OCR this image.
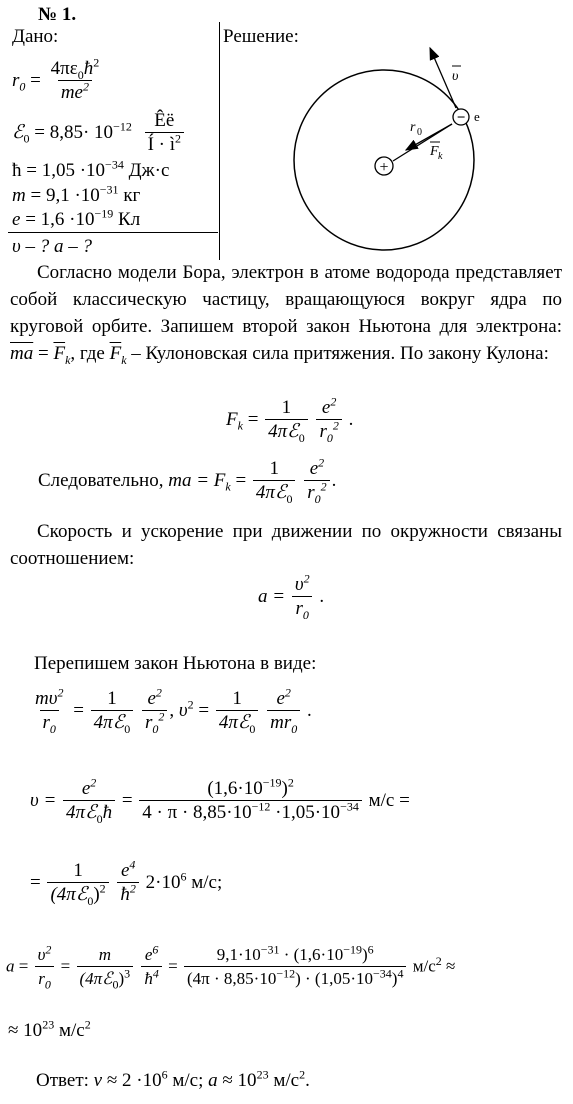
№ 1.
Дано:
$r_0 = \frac{4\pi\varepsilon_0ħ^2}{me^2}$
ℰ$_0$ = $8,85\cdot 10^{-12} \frac{Êë}{Í \cdot ì^2}$
ħ = $1,05 \cdot 10^{-34}$ Дж·с
$m = 9,1 \cdot 10^{-31}$ кг
$e = 1,6 \cdot 10^{-19}$ Кл
υ – ? a – ?
Решение:
+
− e
υ
r 0
F k
Согласно модели Бора, электрон в атоме водорода представляет собой классическую частицу, вращающуюся вокруг ядра по круговой орбите. Запишем второй закон Ньютона для электрона: $\overline{ma} = \overline{F}_k$, где $\overline{F}_k$ – Кулоновская сила притяжения. По закону Кулона:
$F_k = \frac{1}{4\pi ℰ_0}$
$\frac{e^2}{r_0^2}$ .
Следовательно, ma = $F_k = \frac{1}{4\pi ℰ_0}$
$\frac{e^2}{r_0^2}$ .
Скорость и ускорение при движении по окружности связаны соотношением:
$a = \frac{\upsilon^2}{r_0}$ .
Перепишем закон Ньютона в виде:
$\frac{m\upsilon^2}{r_0} = \frac{1}{4\pi ℰ_0}$
$\frac{e^2}{r_0^2}$ , $\upsilon^2 = \frac{1}{4\pi ℰ_0}$
$\frac{e^2}{mr_0}$ .
$\upsilon = \frac{e^2}{4\pi ℰ_0ħ} = \frac{(1,6\cdot 10^{-19})^2}{4 \cdot \pi \cdot 8,85\cdot 10^{-12} \cdot 1,05\cdot 10^{-34}} м/с$ =
= $\frac{1}{(4\pi ℰ_0)^2}$
$\frac{e^4}{ħ^2} 2\cdot 10^6$ м/с;
$a = \frac{\upsilon^2}{r_0} = \frac{m}{(4\pi ℰ_0)^3}$
$\frac{e^6}{ħ^4} = \frac{9,1\cdot 10^{-31} \cdot (1,6\cdot 10^{-19})^6}{(4\pi \cdot 8,85\cdot 10^{-12}) \cdot (1,05\cdot 10^{-34})^4} м/с^2$ ≈
≈ $10^{23}$ $м/с^2$
Ответ: $\nu \approx 2 \cdot 10^6$ м/с; $a \approx 10^{23}$ $м/с^2$.
